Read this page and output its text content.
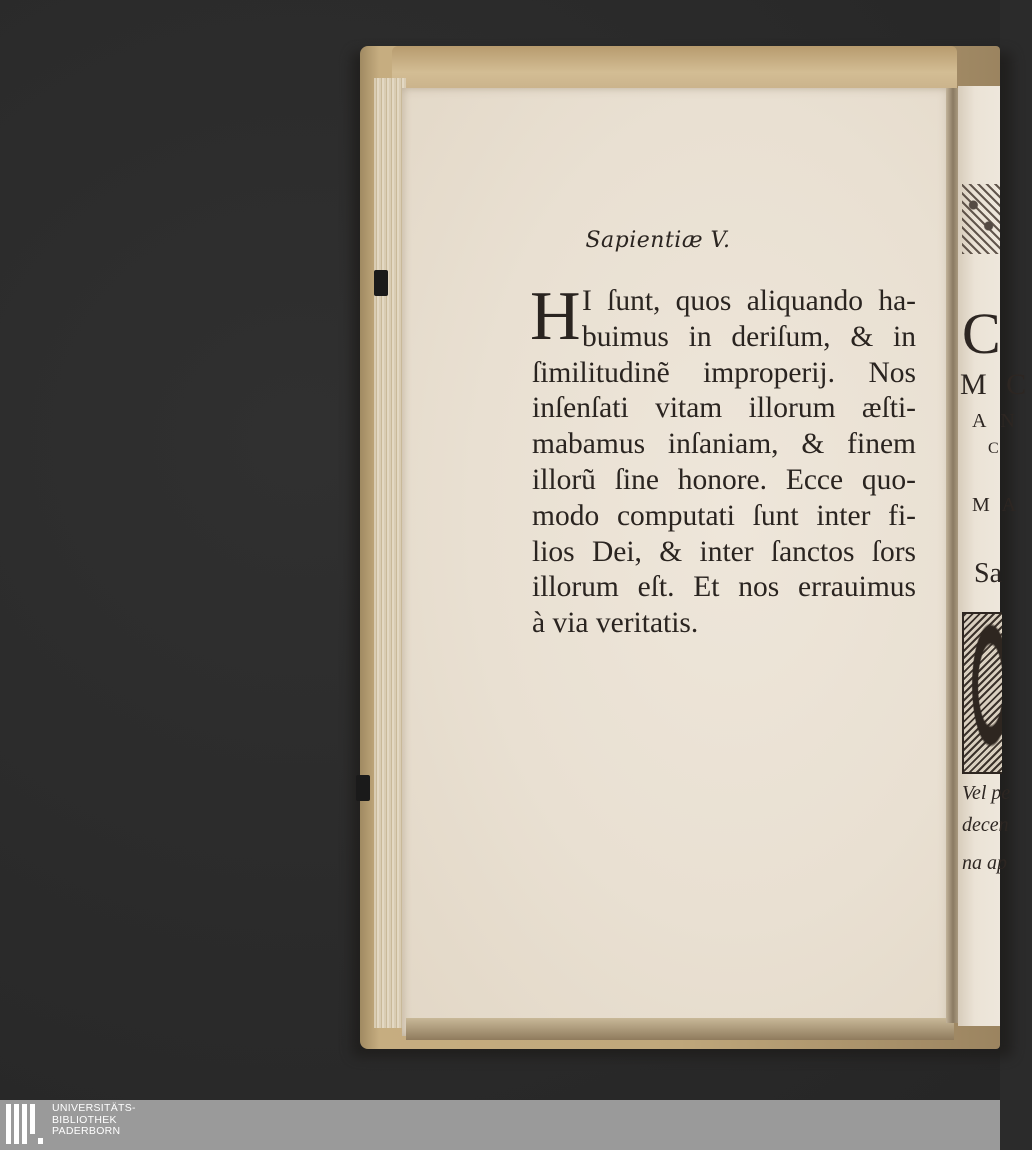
C
M C
A N
C
M A
Sa
Vel pe
decen
na ap
Sapientiæ V.
H I ſunt, quos aliquando ha-
buimus in deriſum, & in
ſimilitudinẽ improperij. Nos
inſenſati vitam illorum æſti-
mabamus inſaniam, & finem
illorũ ſine honore. Ecce quo-
modo computati ſunt inter fi-
lios Dei, & inter ſanctos ſors
illorum eſt. Et nos errauimus
à via veritatis.
UNIVERSITÄTS-
BIBLIOTHEK
PADERBORN
